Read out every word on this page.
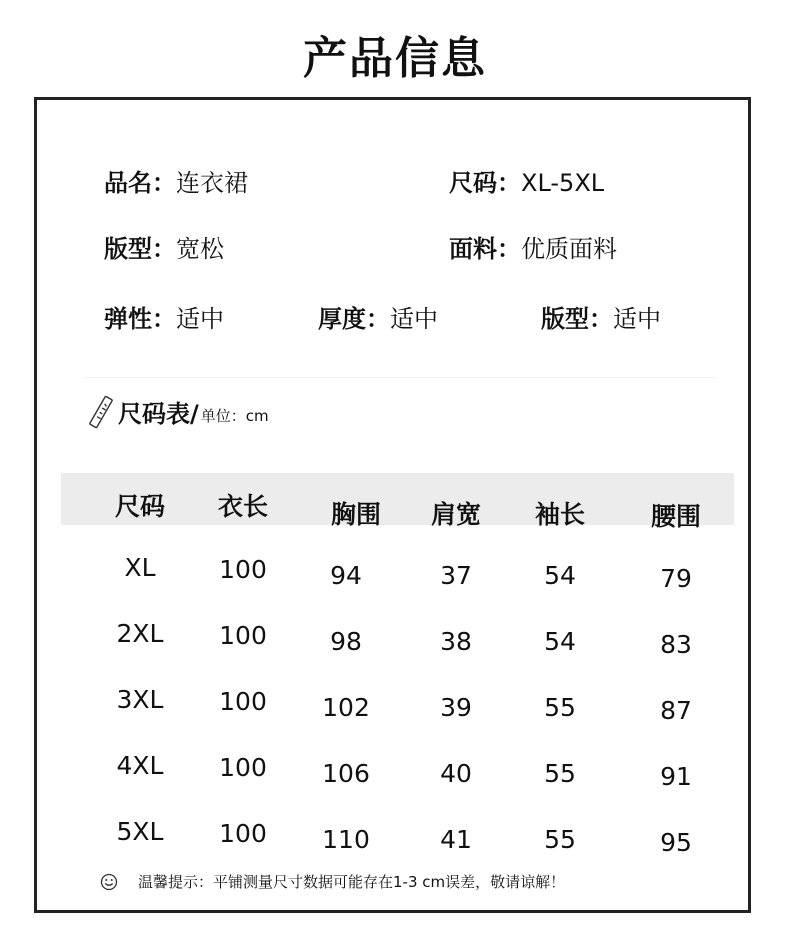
产品信息
品名：连衣裙	尺码：XL-5XL
版型：宽松	面料：优质面料
弹性：适中	厚度：适中	版型：适中
尺码表/ 单位：cm
尺码	衣长	胸围	肩宽	袖长	腰围
XL	100	94	37	54	79
2XL	100	98	38	54	83
3XL	100	102	39	55	87
4XL	100	106	40	55	91
5XL	100	110	41	55	95
温馨提示：平铺测量尺寸数据可能存在1-3 cm误差，敬请谅解！
